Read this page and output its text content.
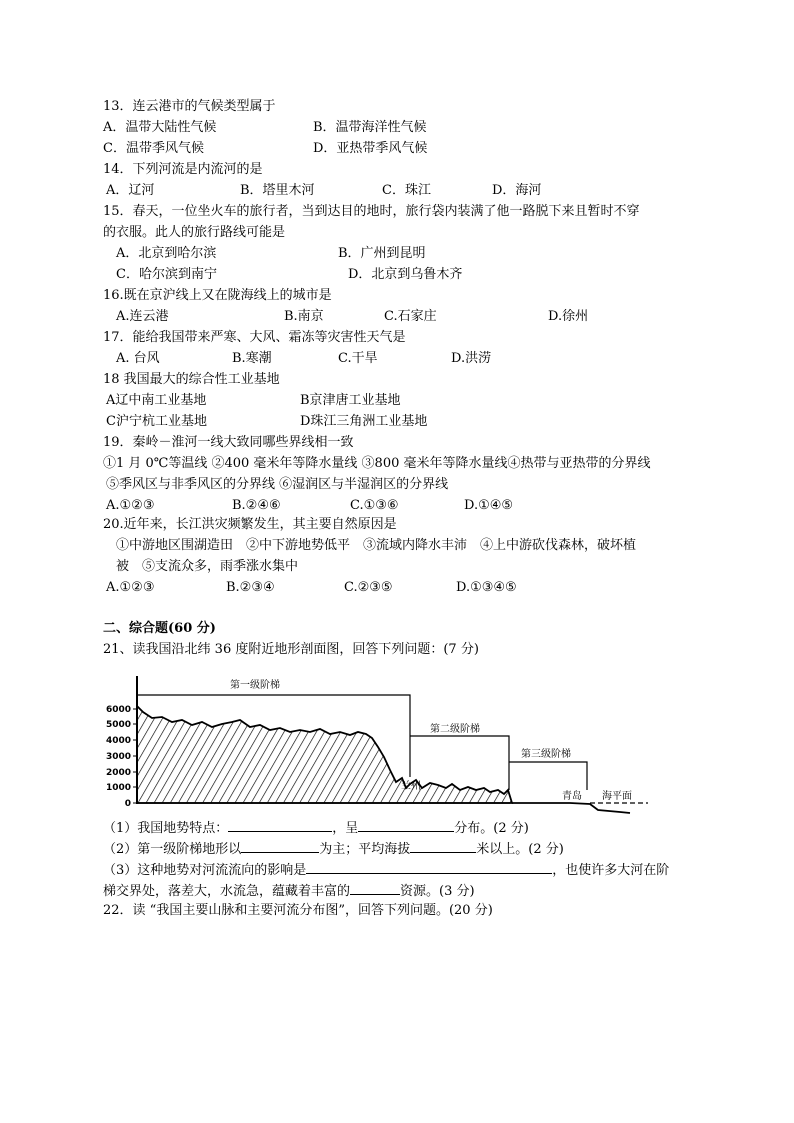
13．连云港市的气候类型属于
A．温带大陆性气候	B．温带海洋性气候
C．温带季风气候	D．亚热带季风气候
14．下列河流是内流河的是
A．辽河	B．塔里木河	C．珠江	D．海河
15．春天，一位坐火车的旅行者，当到达目的地时，旅行袋内装满了他一路脱下来且暂时不穿
的衣服。此人的旅行路线可能是
A．北京到哈尔滨	B．广州到昆明
C．哈尔滨到南宁	D．北京到乌鲁木齐
16.既在京沪线上又在陇海线上的城市是
A.连云港	B.南京	C.石家庄	D.徐州
17．能给我国带来严寒、大风、霜冻等灾害性天气是
A. 台风	B.寒潮	C.干旱	D.洪涝
18 我国最大的综合性工业基地
A辽中南工业基地	B京津唐工业基地
C沪宁杭工业基地	D珠江三角洲工业基地
19．秦岭－淮河一线大致同哪些界线相一致
①1 月 0℃等温线 ②400 毫米年等降水量线 ③800 毫米年等降水量线④热带与亚热带的分界线
⑤季风区与非季风区的分界线 ⑥湿润区与半湿润区的分界线
A.①②③	B.②④⑥	C.①③⑥	D.①④⑤
20.近年来，长江洪灾频繁发生，其主要自然原因是
①中游地区围湖造田　②中下游地势低平　③流域内降水丰沛　④上中游砍伐森林，破坏植
被　⑤支流众多，雨季涨水集中
A.①②③	B.②③④	C.②③⑤	D.①③④⑤
二、综合题(60 分)
21、读我国沿北纬 36 度附近地形剖面图，回答下列问题：(7 分)
6000
5000
4000
3000
2000
1000
0
第一级阶梯
第二级阶梯
第三级阶梯
兰州
青岛 海平面
（1）我国地势特点：	，呈	分布。(2 分)
（2）第一级阶梯地形以	为主；平均海拔	米以上。(2 分)
（3）这种地势对河流流向的影响是	，也使许多大河在阶
梯交界处，落差大，水流急，蕴藏着丰富的	资源。(3 分)
22．读 “我国主要山脉和主要河流分布图”，回答下列问题。(20 分)
